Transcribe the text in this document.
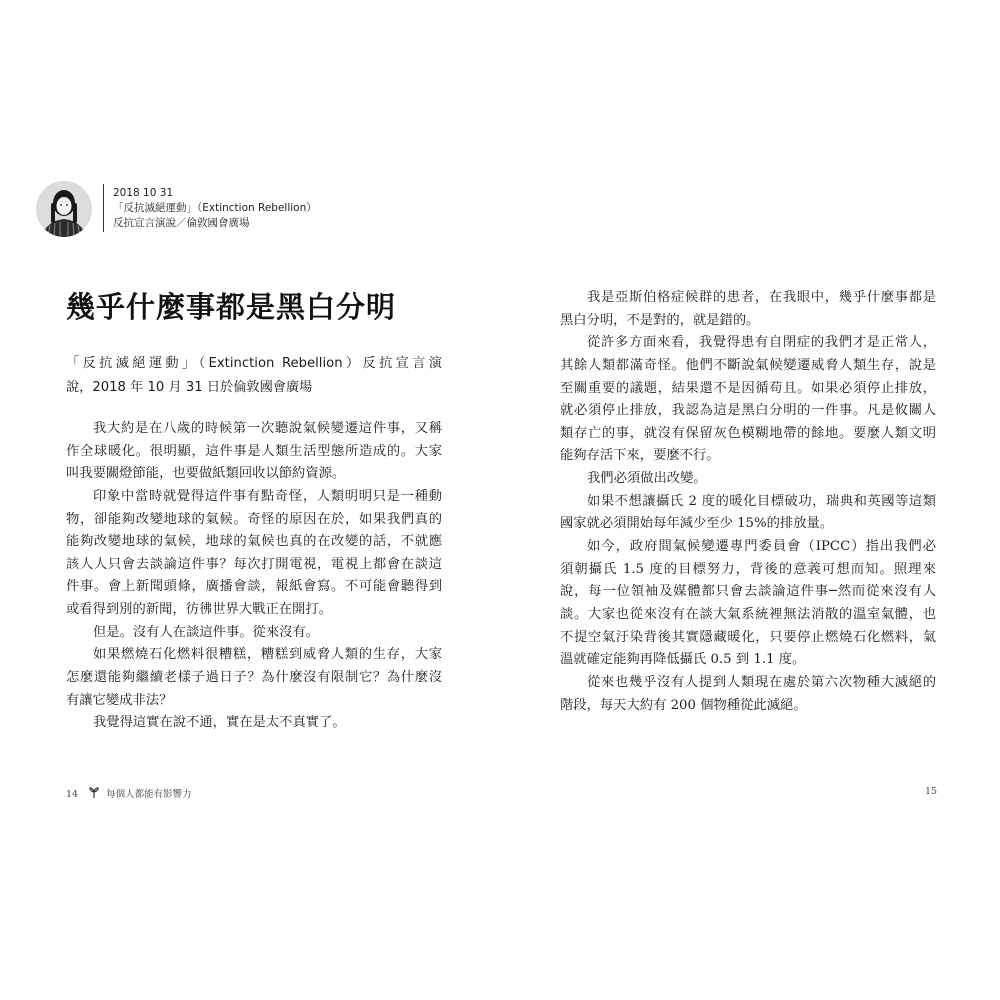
2018 10 31
「反抗滅絕運動」（Extinction Rebellion）
反抗宣言演說／倫敦國會廣場
幾乎什麼事都是黑白分明

「反抗滅絕運動」（Extinction Rebellion）反抗宣言演

說，2018 年 10 月 31 日於倫敦國會廣場

我大約是在八歲的時候第一次聽說氣候變遷這件事，又稱

作全球暖化。很明顯，這件事是人類生活型態所造成的。大家

叫我要關燈節能，也要做紙類回收以節約資源。

印象中當時就覺得這件事有點奇怪，人類明明只是一種動

物，卻能夠改變地球的氣候。奇怪的原因在於，如果我們真的

能夠改變地球的氣候，地球的氣候也真的在改變的話，不就應

該人人只會去談論這件事？每次打開電視，電視上都會在談這

件事。會上新聞頭條，廣播會談，報紙會寫。不可能會聽得到

或看得到別的新聞，彷彿世界大戰正在開打。

但是。沒有人在談這件事。從來沒有。

如果燃燒石化燃料很糟糕，糟糕到威脅人類的生存，大家

怎麼還能夠繼續老樣子過日子？為什麼沒有限制它？為什麼沒

有讓它變成非法？

我覺得這實在說不通，實在是太不真實了。

我是亞斯伯格症候群的患者，在我眼中，幾乎什麼事都是

黑白分明，不是對的，就是錯的。

從許多方面來看，我覺得患有自閉症的我們才是正常人，

其餘人類都滿奇怪。他們不斷說氣候變遷威脅人類生存，說是

至關重要的議題，結果還不是因循苟且。如果必須停止排放，

就必須停止排放，我認為這是黑白分明的一件事。凡是攸關人

類存亡的事，就沒有保留灰色模糊地帶的餘地。要麼人類文明

能夠存活下來，要麼不行。

我們必須做出改變。

如果不想讓攝氏 2 度的暖化目標破功，瑞典和英國等這類

國家就必須開始每年減少至少 15%的排放量。

如今，政府間氣候變遷專門委員會（IPCC）指出我們必

須朝攝氏 1.5 度的目標努力，背後的意義可想而知。照理來

說，每一位領袖及媒體都只會去談論這件事─然而從來沒有人

談。大家也從來沒有在談大氣系統裡無法消散的溫室氣體，也

不提空氣汙染背後其實隱藏暖化，只要停止燃燒石化燃料，氣

溫就確定能夠再降低攝氏 0.5 到 1.1 度。

從來也幾乎沒有人提到人類現在處於第六次物種大滅絕的

階段，每天大約有 200 個物種從此滅絕。

14	每個人都能有影響力	15
